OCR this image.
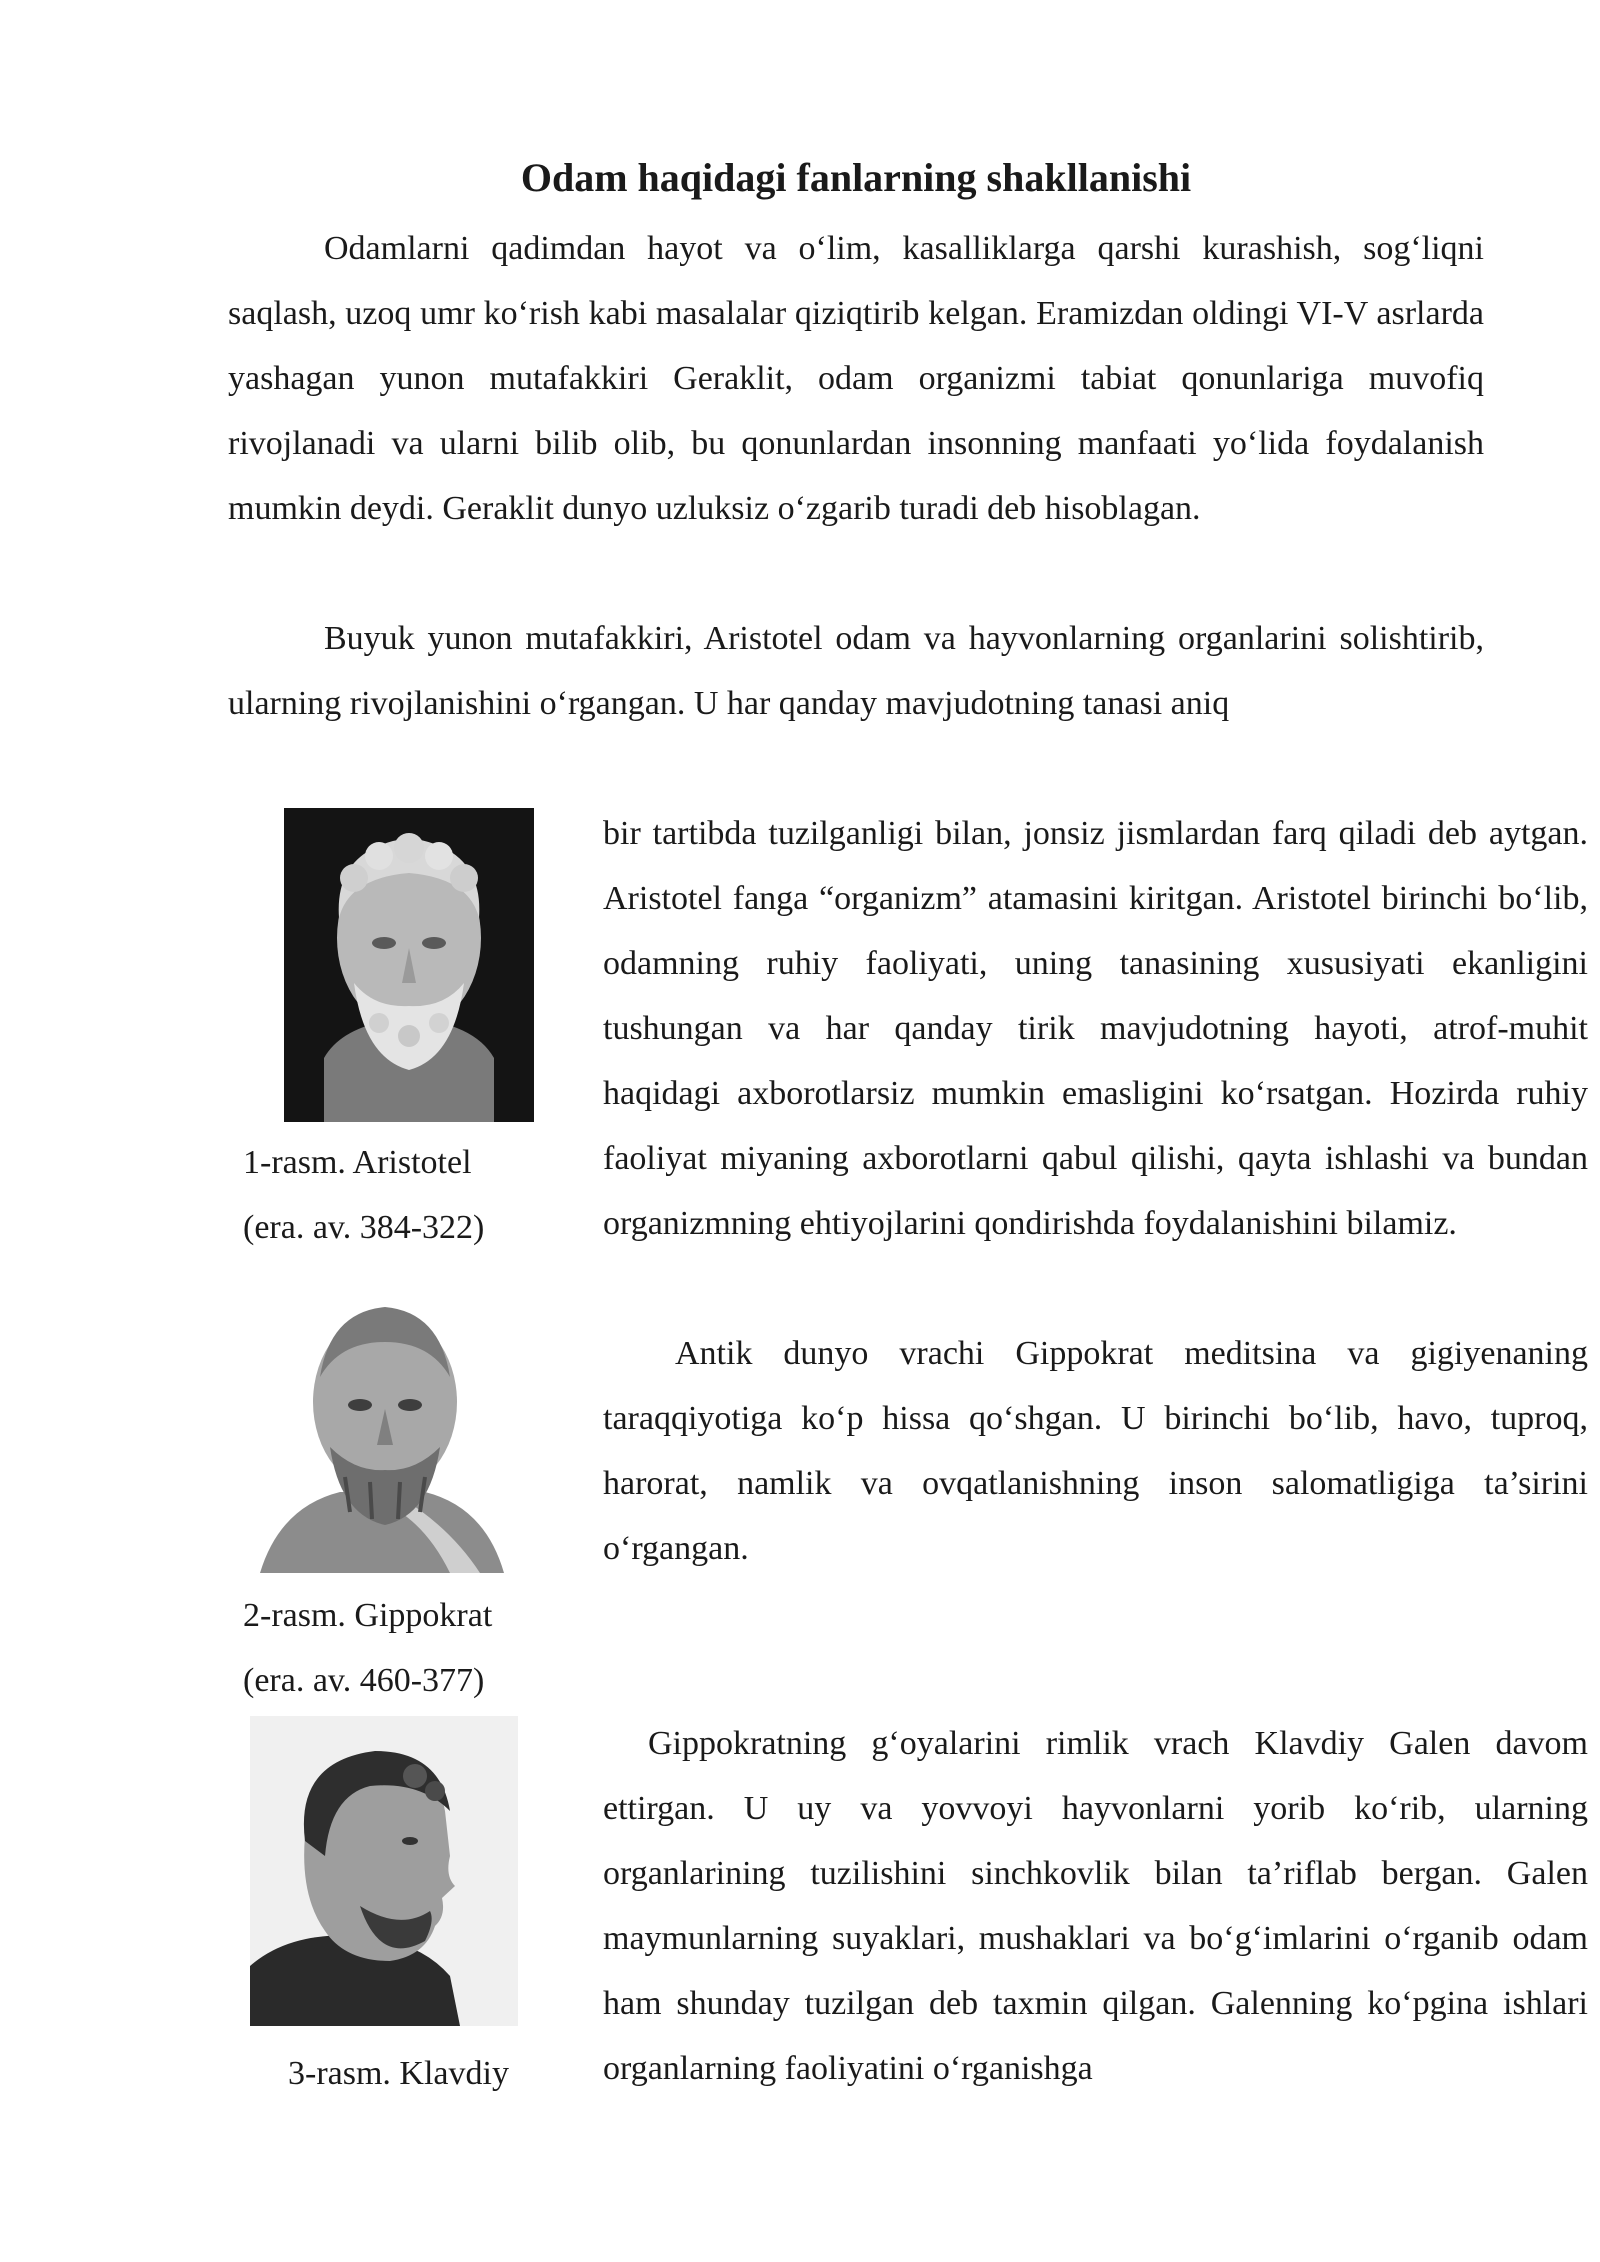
Odam haqidagi fanlarning shakllanishi

Odamlarni qadimdan hayot va o‘lim, kasalliklarga qarshi kurashish, sog‘liqni saqlash, uzoq umr ko‘rish kabi masalalar qiziqtirib kelgan. Eramizdan oldingi VI-V asrlarda yashagan yunon mutafakkiri Geraklit, odam organizmi tabiat qonunlariga muvofiq rivojlanadi va ularni bilib olib, bu qonunlardan insonning manfaati yo‘lida foydalanish mumkin deydi. Geraklit dunyo uzluksiz o‘zgarib turadi deb hisoblagan.

Buyuk yunon mutafakkiri, Aristotel odam va hayvonlarning organlarini solishtirib, ularning rivojlanishini o‘rgangan. U har qanday mavjudotning tanasi aniq

bir tartibda tuzilganligi bilan, jonsiz jismlardan farq qiladi deb aytgan. Aristotel fanga “organizm” atamasini kiritgan. Aristotel birinchi bo‘lib, odamning ruhiy faoliyati, uning tanasining xususiyati ekanligini tushungan va har qanday tirik mavjudotning hayoti, atrof-muhit haqidagi axborotlarsiz mumkin emasligini ko‘rsatgan. Hozirda ruhiy faoliyat miyaning axborotlarni qabul qilishi, qayta ishlashi va bundan organizmning ehtiyojlarini qondirishda foydalanishini bilamiz.

Antik dunyo vrachi Gippokrat meditsina va gigiyenaning taraqqiyotiga ko‘p hissa qo‘shgan. U birinchi bo‘lib, havo, tuproq, harorat, namlik va ovqatlanishning inson salomatligiga ta’sirini o‘rgangan.

Gippokratning g‘oyalarini rimlik vrach Klavdiy Galen davom ettirgan. U uy va yovvoyi hayvonlarni yorib ko‘rib, ularning organlarining tuzilishini sinchkovlik bilan ta’riflab bergan. Galen maymunlarning suyaklari, mushaklari va bo‘g‘imlarini o‘rganib odam ham shunday tuzilgan deb taxmin qilgan. Galenning ko‘pgina ishlari organlarning faoliyatini o‘rganishga

1-rasm. Aristotel
(era. av. 384-322)
2-rasm. Gippokrat
(era. av. 460-377)
3-rasm. Klavdiy
